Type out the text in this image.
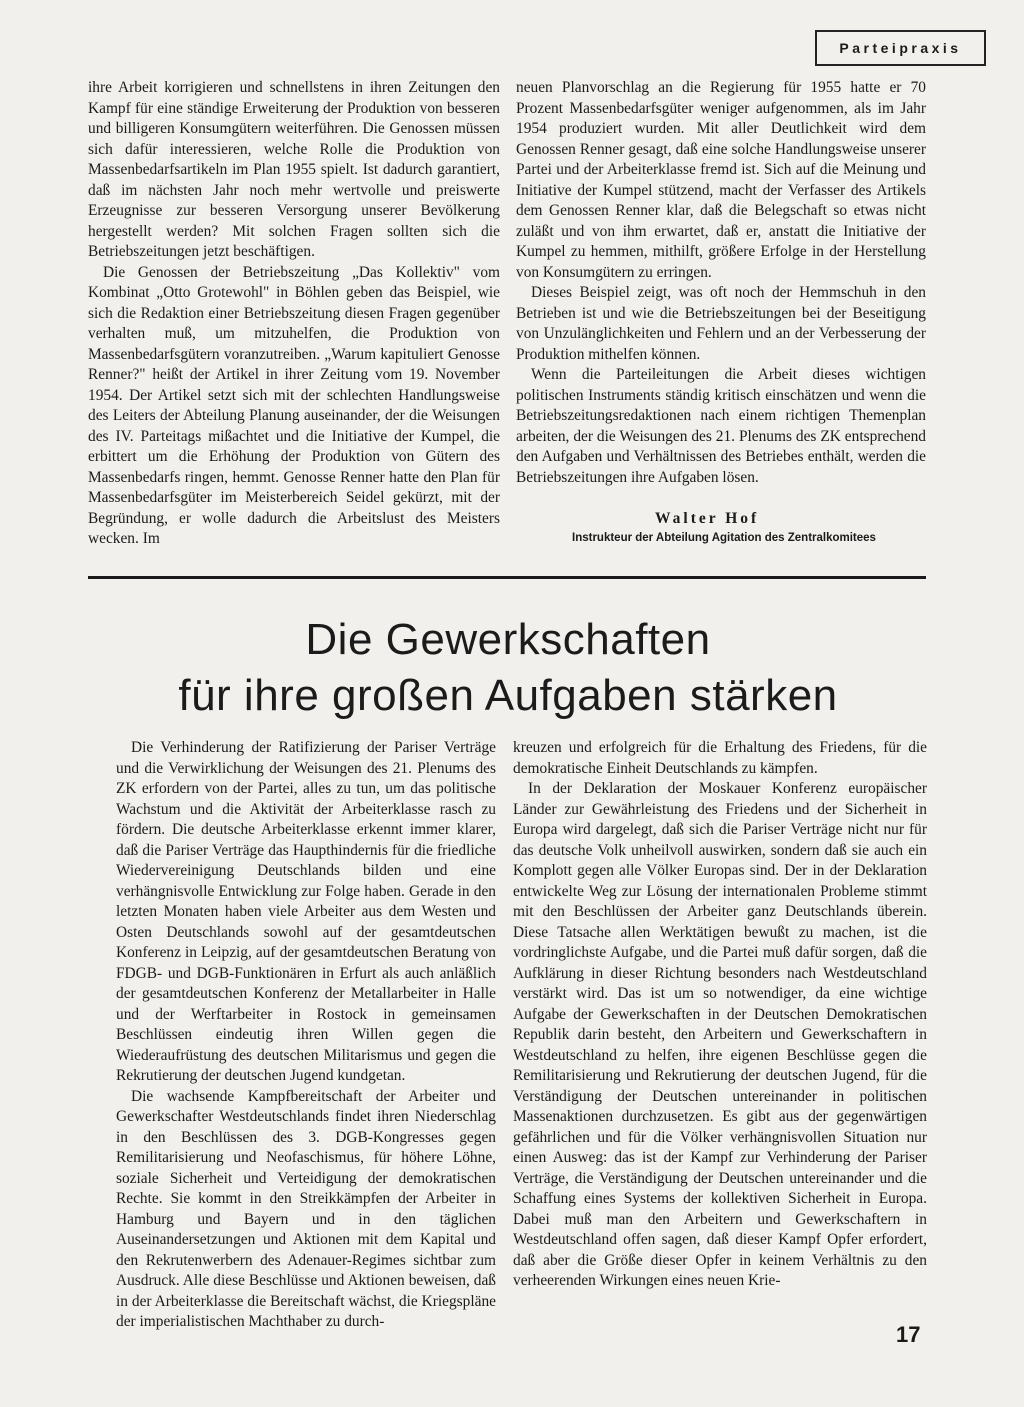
Parteipraxis

ihre Arbeit korrigieren und schnellstens in ihren Zeitungen den Kampf für eine ständige Erweiterung der Produktion von besseren und billigeren Konsumgütern weiterführen. Die Genossen müssen sich dafür interessieren, welche Rolle die Produktion von Massenbedarfsartikeln im Plan 1955 spielt. Ist dadurch garantiert, daß im nächsten Jahr noch mehr wertvolle und preiswerte Erzeugnisse zur besseren Versorgung unserer Bevölkerung hergestellt werden? Mit solchen Fragen sollten sich die Betriebszeitungen jetzt beschäftigen.

Die Genossen der Betriebszeitung „Das Kollektiv" vom Kombinat „Otto Grotewohl" in Böhlen geben das Beispiel, wie sich die Redaktion einer Betriebszeitung diesen Fragen gegenüber verhalten muß, um mitzuhelfen, die Produktion von Massenbedarfsgütern voranzutreiben. „Warum kapituliert Genosse Renner?" heißt der Artikel in ihrer Zeitung vom 19. November 1954. Der Artikel setzt sich mit der schlechten Handlungsweise des Leiters der Abteilung Planung auseinander, der die Weisungen des IV. Parteitags mißachtet und die Initiative der Kumpel, die erbittert um die Erhöhung der Produktion von Gütern des Massenbedarfs ringen, hemmt. Genosse Renner hatte den Plan für Massenbedarfsgüter im Meisterbereich Seidel gekürzt, mit der Begründung, er wolle dadurch die Arbeitslust des Meisters wecken. Im

neuen Planvorschlag an die Regierung für 1955 hatte er 70 Prozent Massenbedarfsgüter weniger aufgenommen, als im Jahr 1954 produziert wurden. Mit aller Deutlichkeit wird dem Genossen Renner gesagt, daß eine solche Handlungsweise unserer Partei und der Arbeiterklasse fremd ist. Sich auf die Meinung und Initiative der Kumpel stützend, macht der Verfasser des Artikels dem Genossen Renner klar, daß die Belegschaft so etwas nicht zuläßt und von ihm erwartet, daß er, anstatt die Initiative der Kumpel zu hemmen, mithilft, größere Erfolge in der Herstellung von Konsumgütern zu erringen.

Dieses Beispiel zeigt, was oft noch der Hemmschuh in den Betrieben ist und wie die Betriebszeitungen bei der Beseitigung von Unzulänglichkeiten und Fehlern und an der Verbesserung der Produktion mithelfen können.

Wenn die Parteileitungen die Arbeit dieses wichtigen politischen Instruments ständig kritisch einschätzen und wenn die Betriebszeitungsredaktionen nach einem richtigen Themenplan arbeiten, der die Weisungen des 21. Plenums des ZK entsprechend den Aufgaben und Verhältnissen des Betriebes enthält, werden die Betriebszeitungen ihre Aufgaben lösen.

Walter Hof
Instrukteur der Abteilung Agitation des Zentralkomitees
Die Gewerkschaften
für ihre großen Aufgaben stärken

Die Verhinderung der Ratifizierung der Pariser Verträge und die Verwirklichung der Weisungen des 21. Plenums des ZK erfordern von der Partei, alles zu tun, um das politische Wachstum und die Aktivität der Arbeiterklasse rasch zu fördern. Die deutsche Arbeiterklasse erkennt immer klarer, daß die Pariser Verträge das Haupthindernis für die friedliche Wiedervereinigung Deutschlands bilden und eine verhängnisvolle Entwicklung zur Folge haben. Gerade in den letzten Monaten haben viele Arbeiter aus dem Westen und Osten Deutschlands sowohl auf der gesamtdeutschen Konferenz in Leipzig, auf der gesamtdeutschen Beratung von FDGB- und DGB-Funktionären in Erfurt als auch anläßlich der gesamtdeutschen Konferenz der Metallarbeiter in Halle und der Werftarbeiter in Rostock in gemeinsamen Beschlüssen eindeutig ihren Willen gegen die Wiederaufrüstung des deutschen Militarismus und gegen die Rekrutierung der deutschen Jugend kundgetan.

Die wachsende Kampfbereitschaft der Arbeiter und Gewerkschafter Westdeutschlands findet ihren Niederschlag in den Beschlüssen des 3. DGB-Kongresses gegen Remilitarisierung und Neofaschismus, für höhere Löhne, soziale Sicherheit und Verteidigung der demokratischen Rechte. Sie kommt in den Streikkämpfen der Arbeiter in Hamburg und Bayern und in den täglichen Auseinandersetzungen und Aktionen mit dem Kapital und den Rekrutenwerbern des Adenauer-Regimes sichtbar zum Ausdruck. Alle diese Beschlüsse und Aktionen beweisen, daß in der Arbeiterklasse die Bereitschaft wächst, die Kriegspläne der imperialistischen Machthaber zu durch-

kreuzen und erfolgreich für die Erhaltung des Friedens, für die demokratische Einheit Deutschlands zu kämpfen.

In der Deklaration der Moskauer Konferenz europäischer Länder zur Gewährleistung des Friedens und der Sicherheit in Europa wird dargelegt, daß sich die Pariser Verträge nicht nur für das deutsche Volk unheilvoll auswirken, sondern daß sie auch ein Komplott gegen alle Völker Europas sind. Der in der Deklaration entwickelte Weg zur Lösung der internationalen Probleme stimmt mit den Beschlüssen der Arbeiter ganz Deutschlands überein. Diese Tatsache allen Werktätigen bewußt zu machen, ist die vordringlichste Aufgabe, und die Partei muß dafür sorgen, daß die Aufklärung in dieser Richtung besonders nach Westdeutschland verstärkt wird. Das ist um so notwendiger, da eine wichtige Aufgabe der Gewerkschaften in der Deutschen Demokratischen Republik darin besteht, den Arbeitern und Gewerkschaftern in Westdeutschland zu helfen, ihre eigenen Beschlüsse gegen die Remilitarisierung und Rekrutierung der deutschen Jugend, für die Verständigung der Deutschen untereinander in politischen Massenaktionen durchzusetzen. Es gibt aus der gegenwärtigen gefährlichen und für die Völker verhängnisvollen Situation nur einen Ausweg: das ist der Kampf zur Verhinderung der Pariser Verträge, die Verständigung der Deutschen untereinander und die Schaffung eines Systems der kollektiven Sicherheit in Europa. Dabei muß man den Arbeitern und Gewerkschaftern in Westdeutschland offen sagen, daß dieser Kampf Opfer erfordert, daß aber die Größe dieser Opfer in keinem Verhältnis zu den verheerenden Wirkungen eines neuen Krie-

17
